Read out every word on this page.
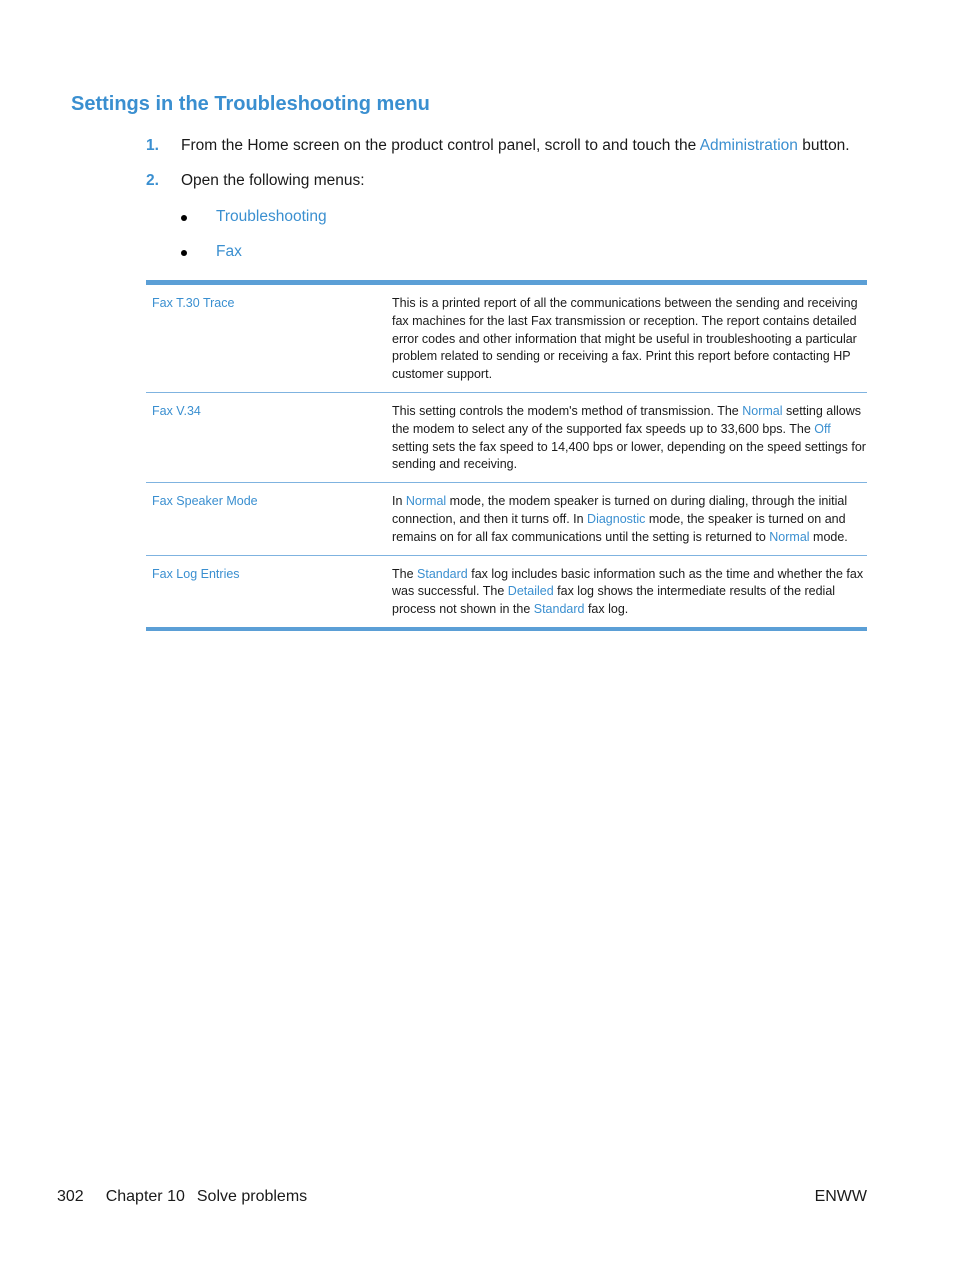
Settings in the Troubleshooting menu
1. From the Home screen on the product control panel, scroll to and touch the Administration button.
2. Open the following menus:
Troubleshooting
Fax
Fax T.30 Trace	This is a printed report of all the communications between the sending and receiving fax machines for the last Fax transmission or reception. The report contains detailed error codes and other information that might be useful in troubleshooting a particular problem related to sending or receiving a fax. Print this report before contacting HP customer support.
Fax V.34	This setting controls the modem's method of transmission. The Normal setting allows the modem to select any of the supported fax speeds up to 33,600 bps. The Off setting sets the fax speed to 14,400 bps or lower, depending on the speed settings for sending and receiving.
Fax Speaker Mode	In Normal mode, the modem speaker is turned on during dialing, through the initial connection, and then it turns off. In Diagnostic mode, the speaker is turned on and remains on for all fax communications until the setting is returned to Normal mode.
Fax Log Entries	The Standard fax log includes basic information such as the time and whether the fax was successful. The Detailed fax log shows the intermediate results of the redial process not shown in the Standard fax log.
302 Chapter 10 Solve problems	ENWW
